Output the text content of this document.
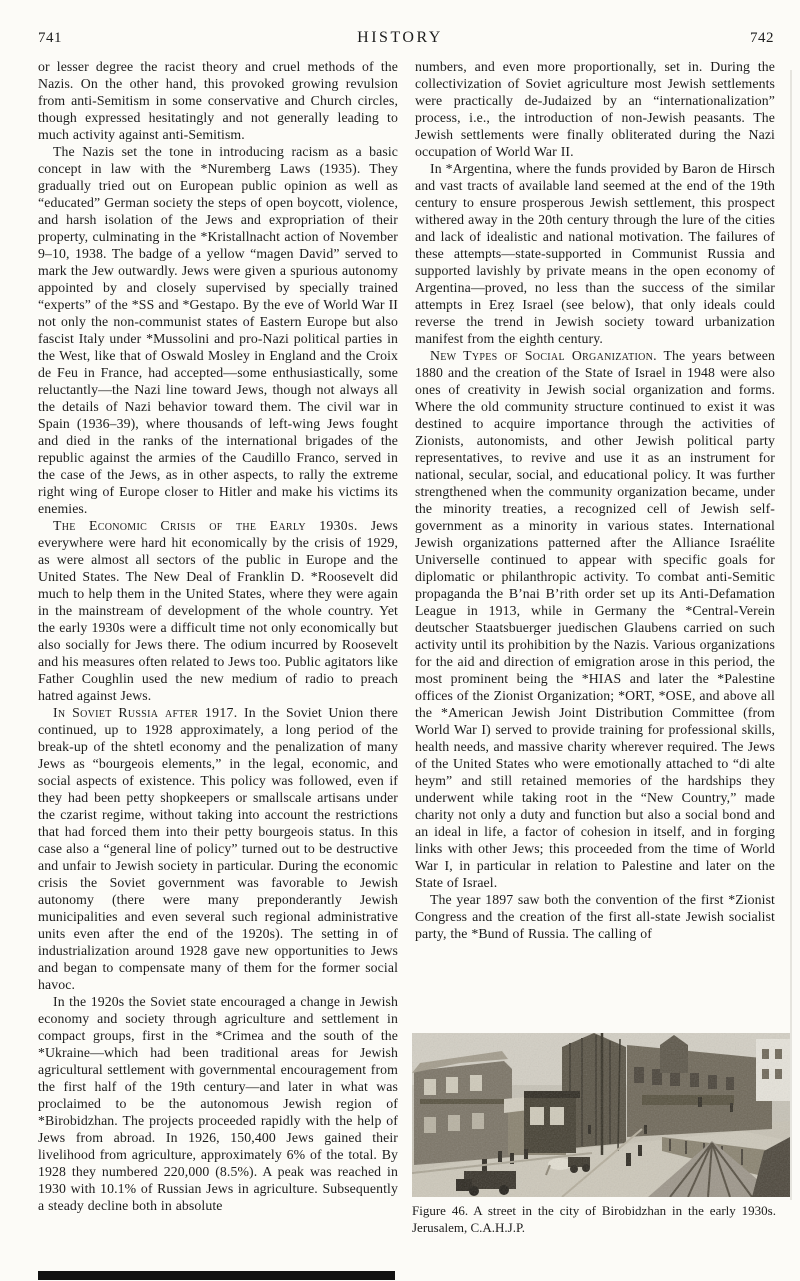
741	HISTORY	742

or lesser degree the racist theory and cruel methods of the Nazis. On the other hand, this provoked growing revulsion from anti-Semitism in some conservative and Church circles, though expressed hesitatingly and not generally leading to much activity against anti-Semitism.

The Nazis set the tone in introducing racism as a basic concept in law with the *Nuremberg Laws (1935). They gradually tried out on European public opinion as well as “educated” German society the steps of open boycott, violence, and harsh isolation of the Jews and expropriation of their property, culminating in the *Kristallnacht action of November 9–10, 1938. The badge of a yellow “magen David” served to mark the Jew outwardly. Jews were given a spurious autonomy appointed by and closely supervised by specially trained “experts” of the *SS and *Gestapo. By the eve of World War II not only the non-communist states of Eastern Europe but also fascist Italy under *Mussolini and pro-Nazi political parties in the West, like that of Oswald Mosley in England and the Croix de Feu in France, had accepted—some enthusiastically, some reluctantly—the Nazi line toward Jews, though not always all the details of Nazi behavior toward them. The civil war in Spain (1936–39), where thousands of left-wing Jews fought and died in the ranks of the international brigades of the republic against the armies of the Caudillo Franco, served in the case of the Jews, as in other aspects, to rally the extreme right wing of Europe closer to Hitler and make his victims its enemies.

The Economic Crisis of the Early 1930s. Jews everywhere were hard hit economically by the crisis of 1929, as were almost all sectors of the public in Europe and the United States. The New Deal of Franklin D. *Roosevelt did much to help them in the United States, where they were again in the mainstream of development of the whole country. Yet the early 1930s were a difficult time not only economically but also socially for Jews there. The odium incurred by Roosevelt and his measures often related to Jews too. Public agitators like Father Coughlin used the new medium of radio to preach hatred against Jews.

In Soviet Russia after 1917. In the Soviet Union there continued, up to 1928 approximately, a long period of the break-up of the shtetl economy and the penalization of many Jews as “bourgeois elements,” in the legal, economic, and social aspects of existence. This policy was followed, even if they had been petty shopkeepers or smallscale artisans under the czarist regime, without taking into account the restrictions that had forced them into their petty bourgeois status. In this case also a “general line of policy” turned out to be destructive and unfair to Jewish society in particular. During the economic crisis the Soviet government was favorable to Jewish autonomy (there were many preponderantly Jewish municipalities and even several such regional administrative units even after the end of the 1920s). The setting in of industrialization around 1928 gave new opportunities to Jews and began to compensate many of them for the former social havoc.

In the 1920s the Soviet state encouraged a change in Jewish economy and society through agriculture and settlement in compact groups, first in the *Crimea and the south of the *Ukraine—which had been traditional areas for Jewish agricultural settlement with governmental encouragement from the first half of the 19th century—and later in what was proclaimed to be the autonomous Jewish region of *Birobidzhan. The projects proceeded rapidly with the help of Jews from abroad. In 1926, 150,400 Jews gained their livelihood from agriculture, approximately 6% of the total. By 1928 they numbered 220,000 (8.5%). A peak was reached in 1930 with 10.1% of Russian Jews in agriculture. Subsequently a steady decline both in absolute

numbers, and even more proportionally, set in. During the collectivization of Soviet agriculture most Jewish settlements were practically de-Judaized by an “internationalization” process, i.e., the introduction of non-Jewish peasants. The Jewish settlements were finally obliterated during the Nazi occupation of World War II.

In *Argentina, where the funds provided by Baron de Hirsch and vast tracts of available land seemed at the end of the 19th century to ensure prosperous Jewish settlement, this prospect withered away in the 20th century through the lure of the cities and lack of idealistic and national motivation. The failures of these attempts—state-supported in Communist Russia and supported lavishly by private means in the open economy of Argentina—proved, no less than the success of the similar attempts in Ereẓ Israel (see below), that only ideals could reverse the trend in Jewish society toward urbanization manifest from the eighth century.

New Types of Social Organization. The years between 1880 and the creation of the State of Israel in 1948 were also ones of creativity in Jewish social organization and forms. Where the old community structure continued to exist it was destined to acquire importance through the activities of Zionists, autonomists, and other Jewish political party representatives, to revive and use it as an instrument for national, secular, social, and educational policy. It was further strengthened when the community organization became, under the minority treaties, a recognized cell of Jewish self-government as a minority in various states. International Jewish organizations patterned after the Alliance Israélite Universelle continued to appear with specific goals for diplomatic or philanthropic activity. To combat anti-Semitic propaganda the B’nai B’rith order set up its Anti-Defamation League in 1913, while in Germany the *Central-Verein deutscher Staatsbuerger juedischen Glaubens carried on such activity until its prohibition by the Nazis. Various organizations for the aid and direction of emigration arose in this period, the most prominent being the *HIAS and later the *Palestine offices of the Zionist Organization; *ORT, *OSE, and above all the *American Jewish Joint Distribution Committee (from World War I) served to provide training for professional skills, health needs, and massive charity wherever required. The Jews of the United States who were emotionally attached to “di alte heym” and still retained memories of the hardships they underwent while taking root in the “New Country,” made charity not only a duty and function but also a social bond and an ideal in life, a factor of cohesion in itself, and in forging links with other Jews; this proceeded from the time of World War I, in particular in relation to Palestine and later on the State of Israel.

The year 1897 saw both the convention of the first *Zionist Congress and the creation of the first all-state Jewish socialist party, the *Bund of Russia. The calling of

Figure 46. A street in the city of Birobidzhan in the early 1930s. Jerusalem, C.A.H.J.P.
